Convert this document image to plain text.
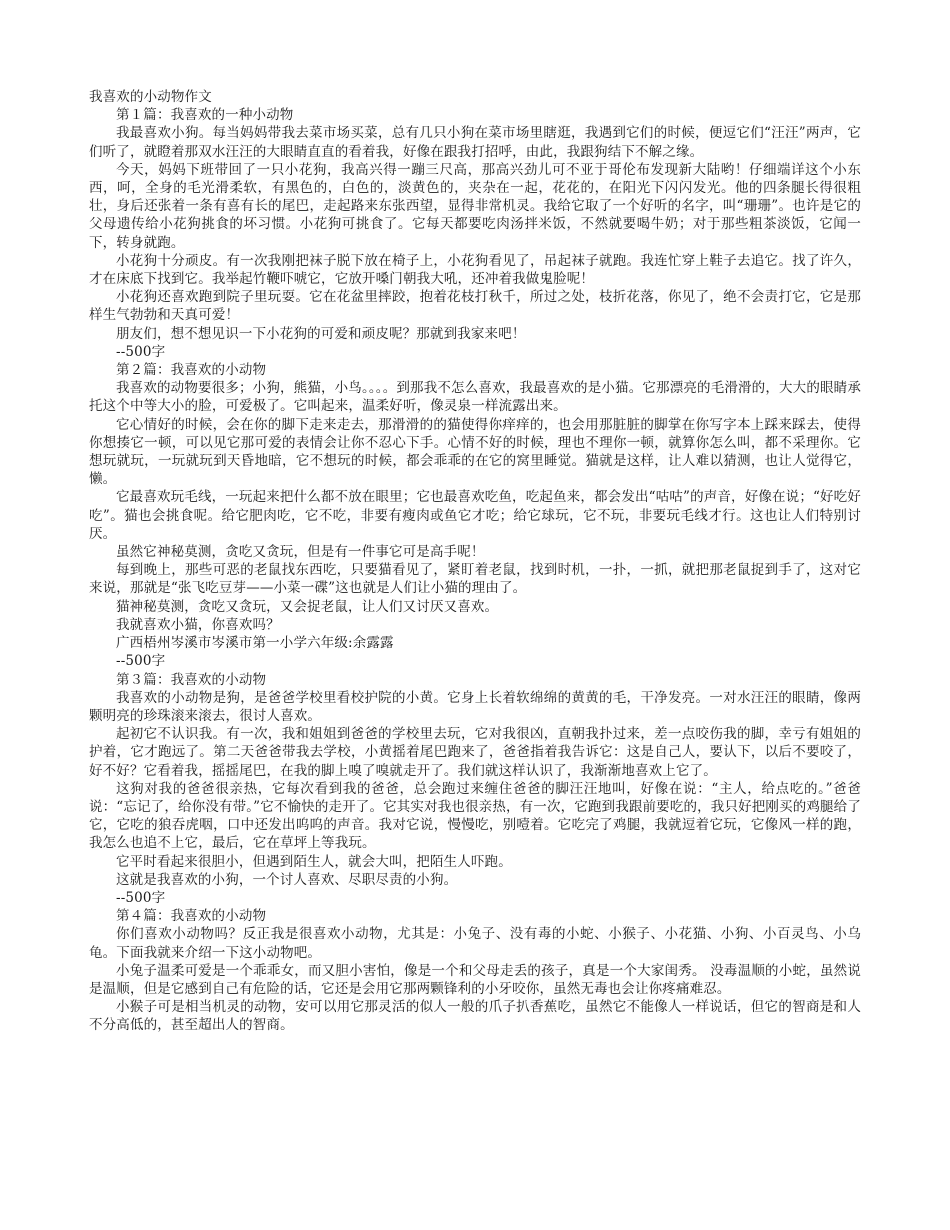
我喜欢的小动物作文

第１篇：我喜欢的一种小动物

我最喜欢小狗。每当妈妈带我去菜市场买菜，总有几只小狗在菜市场里瞎逛，我遇到它们的时候，便逗它们“汪汪”两声，它们听了，就瞪着那双水汪汪的大眼睛直直的看着我，好像在跟我打招呼，由此，我跟狗结下不解之缘。

今天，妈妈下班带回了一只小花狗，我高兴得一蹦三尺高，那高兴劲儿可不亚于哥伦布发现新大陆哟！仔细端详这个小东西，呵，全身的毛光滑柔软，有黑色的，白色的，淡黄色的，夹杂在一起，花花的，在阳光下闪闪发光。他的四条腿长得很粗壮，身后还张着一条有喜有长的尾巴，走起路来东张西望，显得非常机灵。我给它取了一个好听的名字，叫“珊珊”。也许是它的父母遗传给小花狗挑食的坏习惯。小花狗可挑食了。它每天都要吃肉汤拌米饭，不然就要喝牛奶；对于那些粗茶淡饭，它闻一下，转身就跑。

小花狗十分顽皮。有一次我刚把袜子脱下放在椅子上，小花狗看见了，吊起袜子就跑。我连忙穿上鞋子去追它。找了许久，才在床底下找到它。我举起竹鞭吓唬它，它放开嗓门朝我大吼，还冲着我做鬼脸呢！

小花狗还喜欢跑到院子里玩耍。它在花盆里摔跤，抱着花枝打秋千，所过之处，枝折花落，你见了，绝不会责打它，它是那样生气勃勃和天真可爱！

朋友们，想不想见识一下小花狗的可爱和顽皮呢？那就到我家来吧！

--500字

第２篇：我喜欢的小动物

我喜欢的动物要很多；小狗，熊猫，小鸟。。。。到那我不怎么喜欢，我最喜欢的是小猫。它那漂亮的毛滑滑的，大大的眼睛承托这个中等大小的脸，可爱极了。它叫起来，温柔好听，像灵泉一样流露出来。

它心情好的时候，会在你的脚下走来走去，那滑滑的的猫使得你痒痒的，也会用那脏脏的脚掌在你写字本上踩来踩去，使得你想揍它一顿，可以见它那可爱的表情会让你不忍心下手。心情不好的时候，理也不理你一顿，就算你怎么叫，都不采理你。它想玩就玩，一玩就玩到天昏地暗，它不想玩的时候，都会乖乖的在它的窝里睡觉。猫就是这样，让人难以猜测，也让人觉得它，懒。

它最喜欢玩毛线，一玩起来把什么都不放在眼里；它也最喜欢吃鱼，吃起鱼来，都会发出“咕咕”的声音，好像在说；“好吃好吃”。猫也会挑食呢。给它肥肉吃，它不吃，非要有瘦肉或鱼它才吃；给它球玩，它不玩，非要玩毛线才行。这也让人们特别讨厌。

虽然它神秘莫测，贪吃又贪玩，但是有一件事它可是高手呢！

每到晚上，那些可恶的老鼠找东西吃，只要猫看见了，紧盯着老鼠，找到时机，一扑，一抓，就把那老鼠捉到手了，这对它来说，那就是“张飞吃豆芽——小菜一碟”这也就是人们让小猫的理由了。

猫神秘莫测，贪吃又贪玩，又会捉老鼠，让人们又讨厌又喜欢。

我就喜欢小猫，你喜欢吗？

广西梧州岑溪市岑溪市第一小学六年级:余露露

--500字

第３篇：我喜欢的小动物

我喜欢的小动物是狗，是爸爸学校里看校护院的小黄。它身上长着软绵绵的黄黄的毛，干净发亮。一对水汪汪的眼睛，像两颗明亮的珍珠滚来滚去，很讨人喜欢。

起初它不认识我。有一次，我和姐姐到爸爸的学校里去玩，它对我很凶，直朝我扑过来，差一点咬伤我的脚，幸亏有姐姐的护着，它才跑远了。第二天爸爸带我去学校，小黄摇着尾巴跑来了，爸爸指着我告诉它：这是自己人，要认下，以后不要咬了，好不好？它看着我，摇摇尾巴，在我的脚上嗅了嗅就走开了。我们就这样认识了，我渐渐地喜欢上它了。

这狗对我的爸爸很亲热，它每次看到我的爸爸，总会跑过来缠住爸爸的脚汪汪地叫，好像在说：“主人，给点吃的。”爸爸说：“忘记了，给你没有带。”它不愉快的走开了。它其实对我也很亲热，有一次，它跑到我跟前要吃的，我只好把刚买的鸡腿给了它，它吃的狼吞虎咽，口中还发出呜呜的声音。我对它说，慢慢吃，别噎着。它吃完了鸡腿，我就逗着它玩，它像风一样的跑，我怎么也追不上它，最后，它在草坪上等我玩。

它平时看起来很胆小，但遇到陌生人，就会大叫，把陌生人吓跑。

这就是我喜欢的小狗，一个讨人喜欢、尽职尽责的小狗。

--500字

第４篇：我喜欢的小动物

你们喜欢小动物吗？反正我是很喜欢小动物，尤其是：小兔子、没有毒的小蛇、小猴子、小花猫、小狗、小百灵鸟、小乌龟。下面我就来介绍一下这小动物吧。

小兔子温柔可爱是一个乖乖女，而又胆小害怕，像是一个和父母走丢的孩子，真是一个大家闺秀。 没毒温顺的小蛇，虽然说是温顺，但是它感到自己有危险的话，它还是会用它那两颗锋利的小牙咬你，虽然无毒也会让你疼痛难忍。

小猴子可是相当机灵的动物，安可以用它那灵活的似人一般的爪子扒香蕉吃，虽然它不能像人一样说话，但它的智商是和人不分高低的，甚至超出人的智商。
